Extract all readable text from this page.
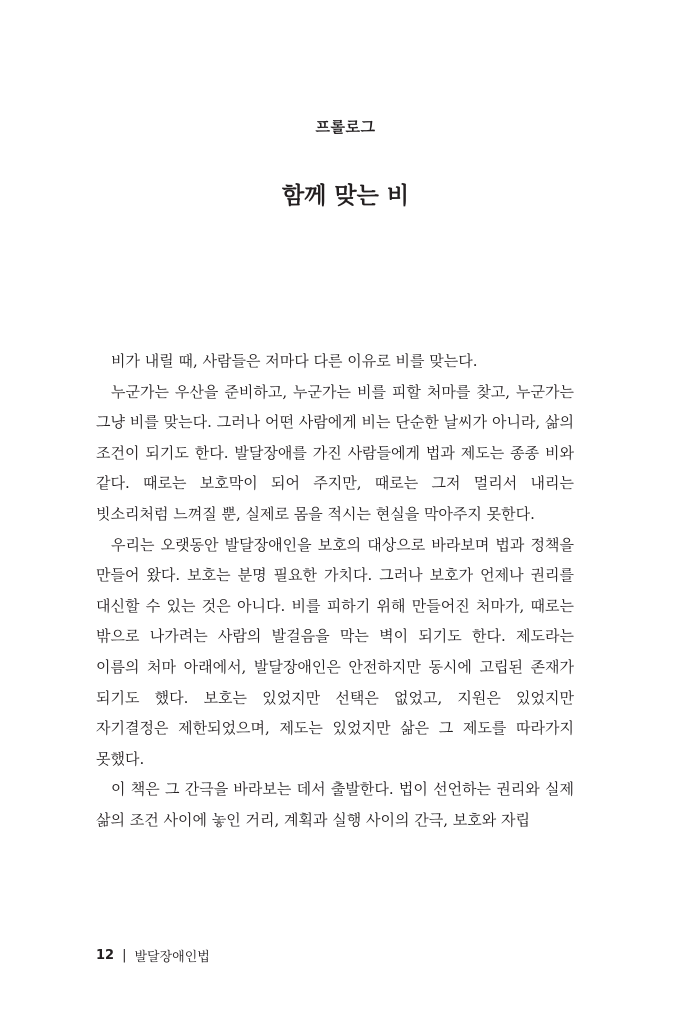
프롤로그
함께 맞는 비

비가 내릴 때, 사람들은 저마다 다른 이유로 비를 맞는다.

누군가는 우산을 준비하고, 누군가는 비를 피할 처마를 찾고, 누군가는 그냥 비를 맞는다. 그러나 어떤 사람에게 비는 단순한 날씨가 아니라, 삶의 조건이 되기도 한다. 발달장애를 가진 사람들에게 법과 제도는 종종 비와 같다. 때로는 보호막이 되어 주지만, 때로는 그저 멀리서 내리는 빗소리처럼 느껴질 뿐, 실제로 몸을 적시는 현실을 막아주지 못한다.

우리는 오랫동안 발달장애인을 보호의 대상으로 바라보며 법과 정책을 만들어 왔다. 보호는 분명 필요한 가치다. 그러나 보호가 언제나 권리를 대신할 수 있는 것은 아니다. 비를 피하기 위해 만들어진 처마가, 때로는 밖으로 나가려는 사람의 발걸음을 막는 벽이 되기도 한다. 제도라는 이름의 처마 아래에서, 발달장애인은 안전하지만 동시에 고립된 존재가 되기도 했다. 보호는 있었지만 선택은 없었고, 지원은 있었지만 자기결정은 제한되었으며, 제도는 있었지만 삶은 그 제도를 따라가지 못했다.

이 책은 그 간극을 바라보는 데서 출발한다. 법이 선언하는 권리와 실제 삶의 조건 사이에 놓인 거리, 계획과 실행 사이의 간극, 보호와 자립

12 | 발달장애인법
